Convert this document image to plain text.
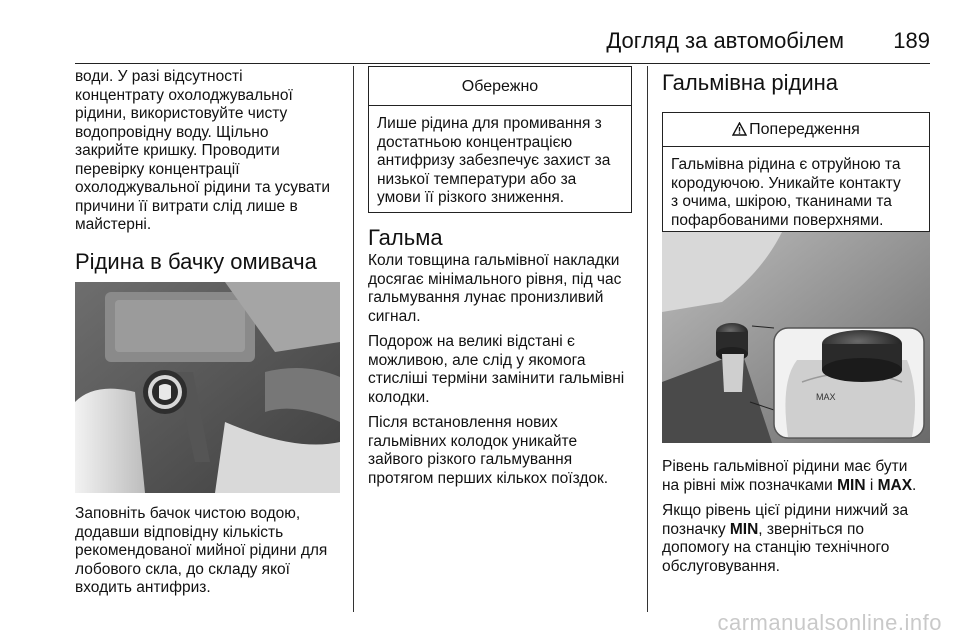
Догляд за автомобілем 189
води. У разі відсутності
концентрату охолоджувальної
рідини, використовуйте чисту
водопровідну воду. Щільно
закрийте кришку. Проводити
перевірку концентрації
охолоджувальної рідини та усувати
причини її витрати слід лише в
майстерні.
Рідина в бачку омивача
Заповніть бачок чистою водою,
додавши відповідну кількість
рекомендованої мийної рідини для
лобового скла, до складу якої
входить антифриз.
Обережно
Лише рідина для промивання з
достатньою концентрацією
антифризу забезпечує захист за
низької температури або за
умови її різкого зниження.
Гальма
Коли товщина гальмівної накладки
досягає мінімального рівня, під час
гальмування лунає пронизливий
сигнал.
Подорож на великі відстані є
можливою, але слід у якомога
стисліші терміни замінити гальмівні
колодки.
Після встановлення нових
гальмівних колодок уникайте
зайвого різкого гальмування
протягом перших кількох поїздок.
Гальмівна рідина
Попередження
Гальмівна рідина є отруйною та
кородуючою. Уникайте контакту
з очима, шкірою, тканинами та
пофарбованими поверхнями.
MAX
Рівень гальмівної рідини має бути
на рівні між позначками MIN і MAX.
Якщо рівень цієї рідини нижчий за
позначку MIN, зверніться по
допомогу на станцію технічного
обслуговування.
carmanualsonline.info
